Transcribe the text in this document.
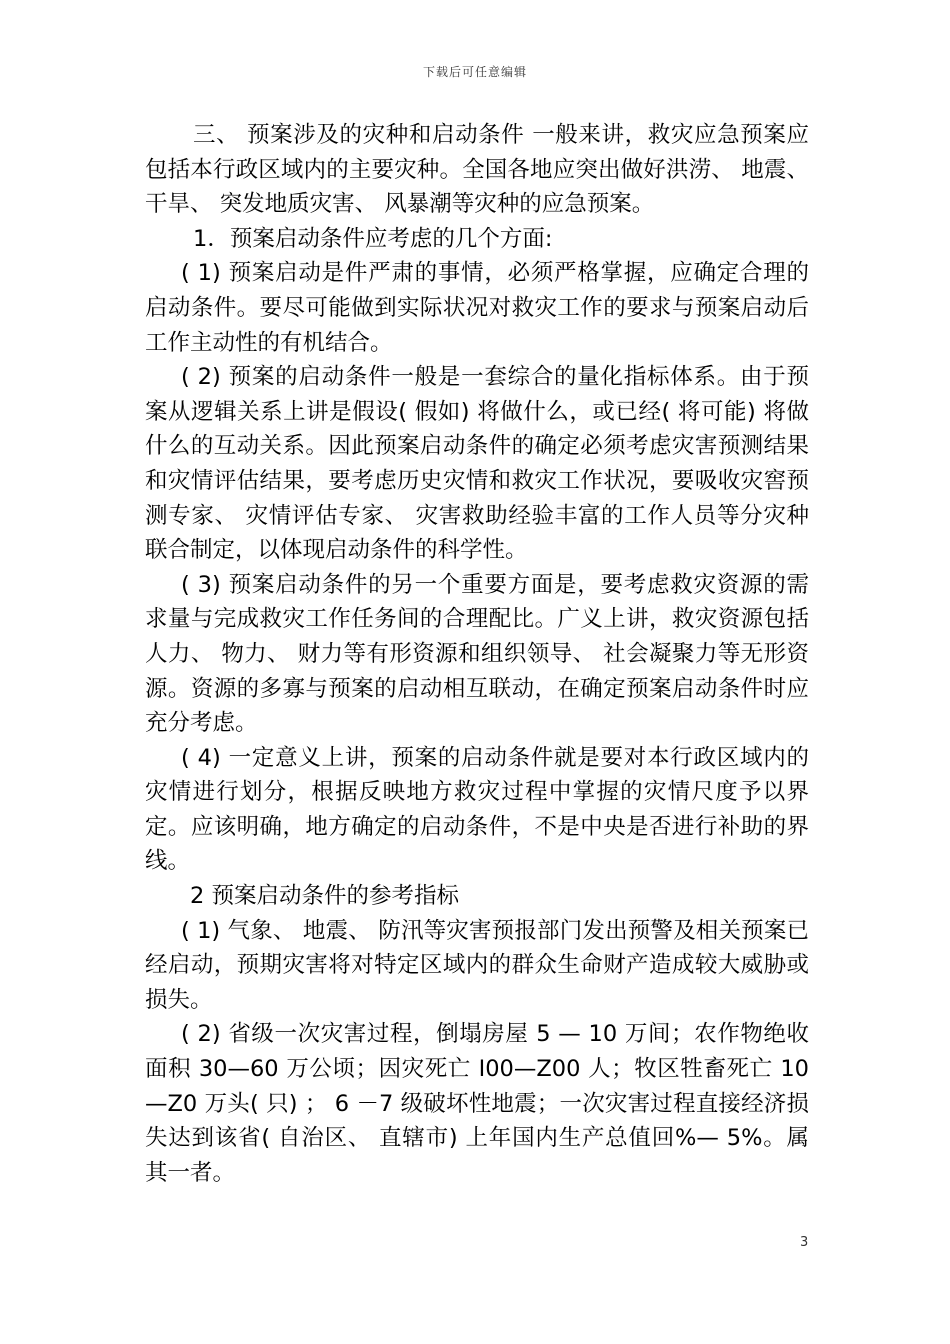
下载后可任意编辑

三、 预案涉及的灾种和启动条件 一般来讲，救灾应急预案应包括本行政区域内的主要灾种。全国各地应突出做好洪涝、 地震、 干旱、 突发地质灾害、 风暴潮等灾种的应急预案。

1．预案启动条件应考虑的几个方面:

( 1) 预案启动是件严肃的事情，必须严格掌握，应确定合理的启动条件。要尽可能做到实际状况对救灾工作的要求与预案启动后工作主动性的有机结合。

( 2) 预案的启动条件一般是一套综合的量化指标体系。由于预案从逻辑关系上讲是假设( 假如) 将做什么，或已经( 将可能) 将做什么的互动关系。因此预案启动条件的确定必须考虑灾害预测结果和灾情评估结果，要考虑历史灾情和救灾工作状况，要吸收灾窖预测专家、 灾情评估专家、 灾害救助经验丰富的工作人员等分灾种联合制定，以体现启动条件的科学性。

( 3) 预案启动条件的另一个重要方面是，要考虑救灾资源的需求量与完成救灾工作任务间的合理配比。广义上讲，救灾资源包括人力、 物力、 财力等有形资源和组织领导、 社会凝聚力等无形资源。资源的多寡与预案的启动相互联动，在确定预案启动条件时应充分考虑。

( 4) 一定意义上讲，预案的启动条件就是要对本行政区域内的灾情进行划分，根据反映地方救灾过程中掌握的灾情尺度予以界定。应该明确，地方确定的启动条件，不是中央是否进行补助的界线。

2 预案启动条件的参考指标

( 1) 气象、 地震、 防汛等灾害预报部门发出预警及相关预案已经启动，预期灾害将对特定区域内的群众生命财产造成较大威胁或损失。

( 2) 省级一次灾害过程，倒塌房屋 5 — 10 万间；农作物绝收面积 30—60 万公顷；因灾死亡 I00—Z00 人；牧区牲畜死亡 10 —Z0 万头( 只) ； 6 －7 级破坏性地震；一次灾害过程直接经济损失达到该省( 自治区、 直辖市) 上年国内生产总值回%— 5%。属其一者。

3
